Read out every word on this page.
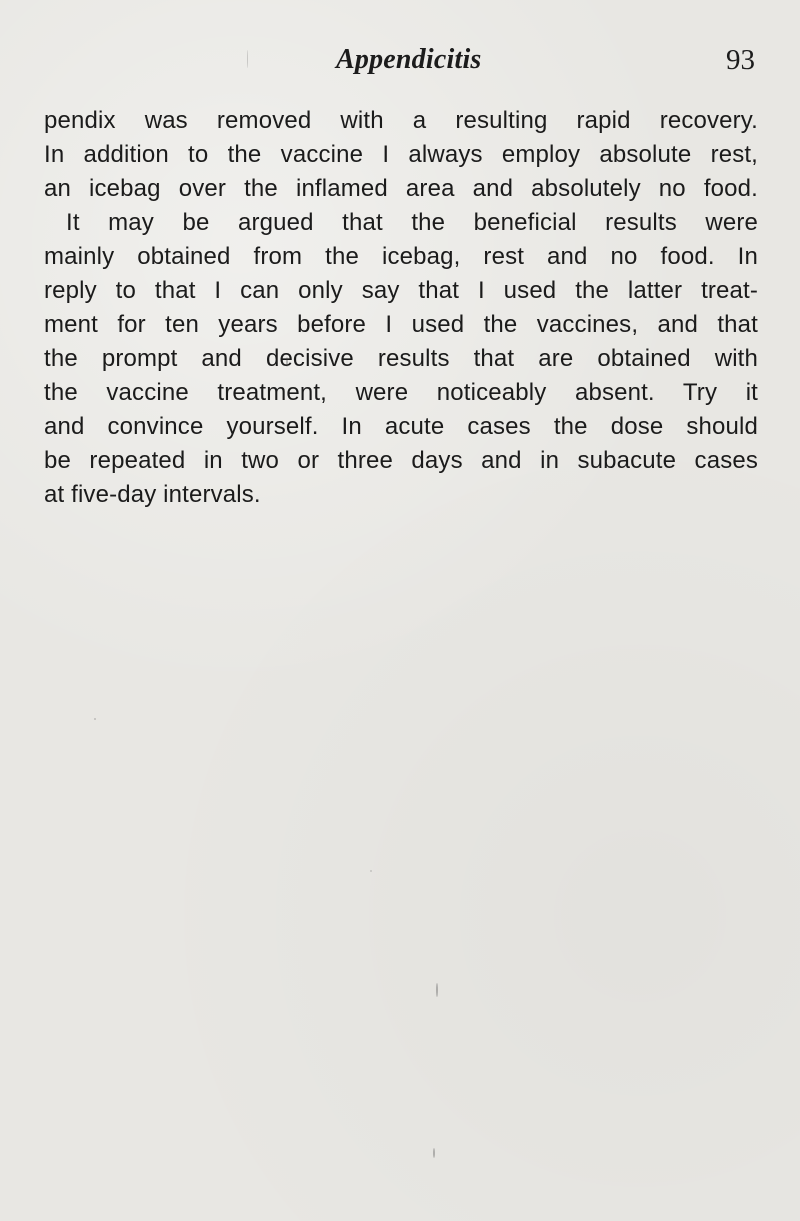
Appendicitis	93
pendix was removed with a resulting rapid recovery.
In addition to the vaccine I always employ absolute rest,
an icebag over the inflamed area and absolutely no food.
It may be argued that the beneficial results were
mainly obtained from the icebag, rest and no food. In
reply to that I can only say that I used the latter treat-
ment for ten years before I used the vaccines, and that
the prompt and decisive results that are obtained with
the vaccine treatment, were noticeably absent. Try it
and convince yourself. In acute cases the dose should
be repeated in two or three days and in subacute cases
at five-day intervals.
